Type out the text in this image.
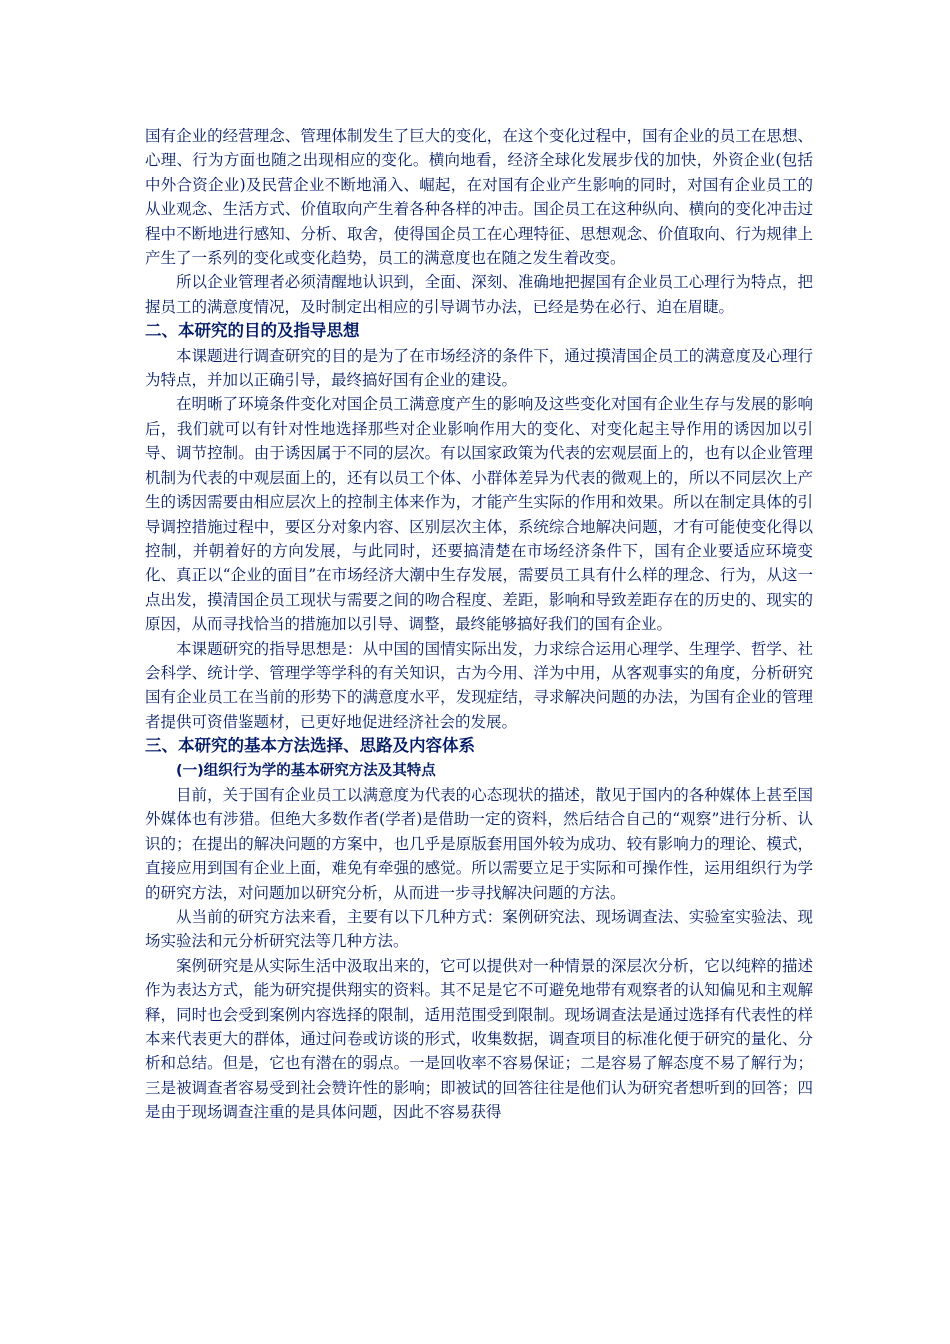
国有企业的经营理念、管理体制发生了巨大的变化，在这个变化过程中，国有企业的员工在思想、心理、行为方面也随之出现相应的变化。横向地看，经济全球化发展步伐的加快，外资企业(包括中外合资企业)及民营企业不断地涌入、崛起，在对国有企业产生影响的同时，对国有企业员工的从业观念、生活方式、价值取向产生着各种各样的冲击。国企员工在这种纵向、横向的变化冲击过程中不断地进行感知、分析、取舍，使得国企员工在心理特征、思想观念、价值取向、行为规律上产生了一系列的变化或变化趋势，员工的满意度也在随之发生着改变。

所以企业管理者必须清醒地认识到，全面、深刻、准确地把握国有企业员工心理行为特点，把握员工的满意度情况，及时制定出相应的引导调节办法，已经是势在必行、迫在眉睫。

二、本研究的目的及指导思想

本课题进行调查研究的目的是为了在市场经济的条件下，通过摸清国企员工的满意度及心理行为特点，并加以正确引导，最终搞好国有企业的建设。

在明晰了环境条件变化对国企员工满意度产生的影响及这些变化对国有企业生存与发展的影响后，我们就可以有针对性地选择那些对企业影响作用大的变化、对变化起主导作用的诱因加以引导、调节控制。由于诱因属于不同的层次。有以国家政策为代表的宏观层面上的，也有以企业管理机制为代表的中观层面上的，还有以员工个体、小群体差异为代表的微观上的，所以不同层次上产生的诱因需要由相应层次上的控制主体来作为，才能产生实际的作用和效果。所以在制定具体的引导调控措施过程中，要区分对象内容、区别层次主体，系统综合地解决问题，才有可能使变化得以控制，并朝着好的方向发展，与此同时，还要搞清楚在市场经济条件下，国有企业要适应环境变化、真正以“企业的面目”在市场经济大潮中生存发展，需要员工具有什么样的理念、行为，从这一点出发，摸清国企员工现状与需要之间的吻合程度、差距，影响和导致差距存在的历史的、现实的原因，从而寻找恰当的措施加以引导、调整，最终能够搞好我们的国有企业。

本课题研究的指导思想是：从中国的国情实际出发，力求综合运用心理学、生理学、哲学、社会科学、统计学、管理学等学科的有关知识，古为今用、洋为中用，从客观事实的角度，分析研究国有企业员工在当前的形势下的满意度水平，发现症结，寻求解决问题的办法，为国有企业的管理者提供可资借鉴题材，已更好地促进经济社会的发展。

三、本研究的基本方法选择、思路及内容体系
(一)组织行为学的基本研究方法及其特点

目前，关于国有企业员工以满意度为代表的心态现状的描述，散见于国内的各种媒体上甚至国外媒体也有涉猎。但绝大多数作者(学者)是借助一定的资料，然后结合自己的“观察”进行分析、认识的；在提出的解决问题的方案中，也几乎是原版套用国外较为成功、较有影响力的理论、模式，直接应用到国有企业上面，难免有牵强的感觉。所以需要立足于实际和可操作性，运用组织行为学的研究方法，对问题加以研究分析，从而进一步寻找解决问题的方法。

从当前的研究方法来看，主要有以下几种方式：案例研究法、现场调查法、实验室实验法、现场实验法和元分析研究法等几种方法。

案例研究是从实际生活中汲取出来的，它可以提供对一种情景的深层次分析，它以纯粹的描述作为表达方式，能为研究提供翔实的资料。其不足是它不可避免地带有观察者的认知偏见和主观解释，同时也会受到案例内容选择的限制，适用范围受到限制。现场调查法是通过选择有代表性的样本来代表更大的群体，通过问卷或访谈的形式，收集数据，调查项目的标准化便于研究的量化、分析和总结。但是，它也有潜在的弱点。一是回收率不容易保证；二是容易了解态度不易了解行为；三是被调查者容易受到社会赞许性的影响；即被试的回答往往是他们认为研究者想听到的回答；四是由于现场调查注重的是具体问题，因此不容易获得
